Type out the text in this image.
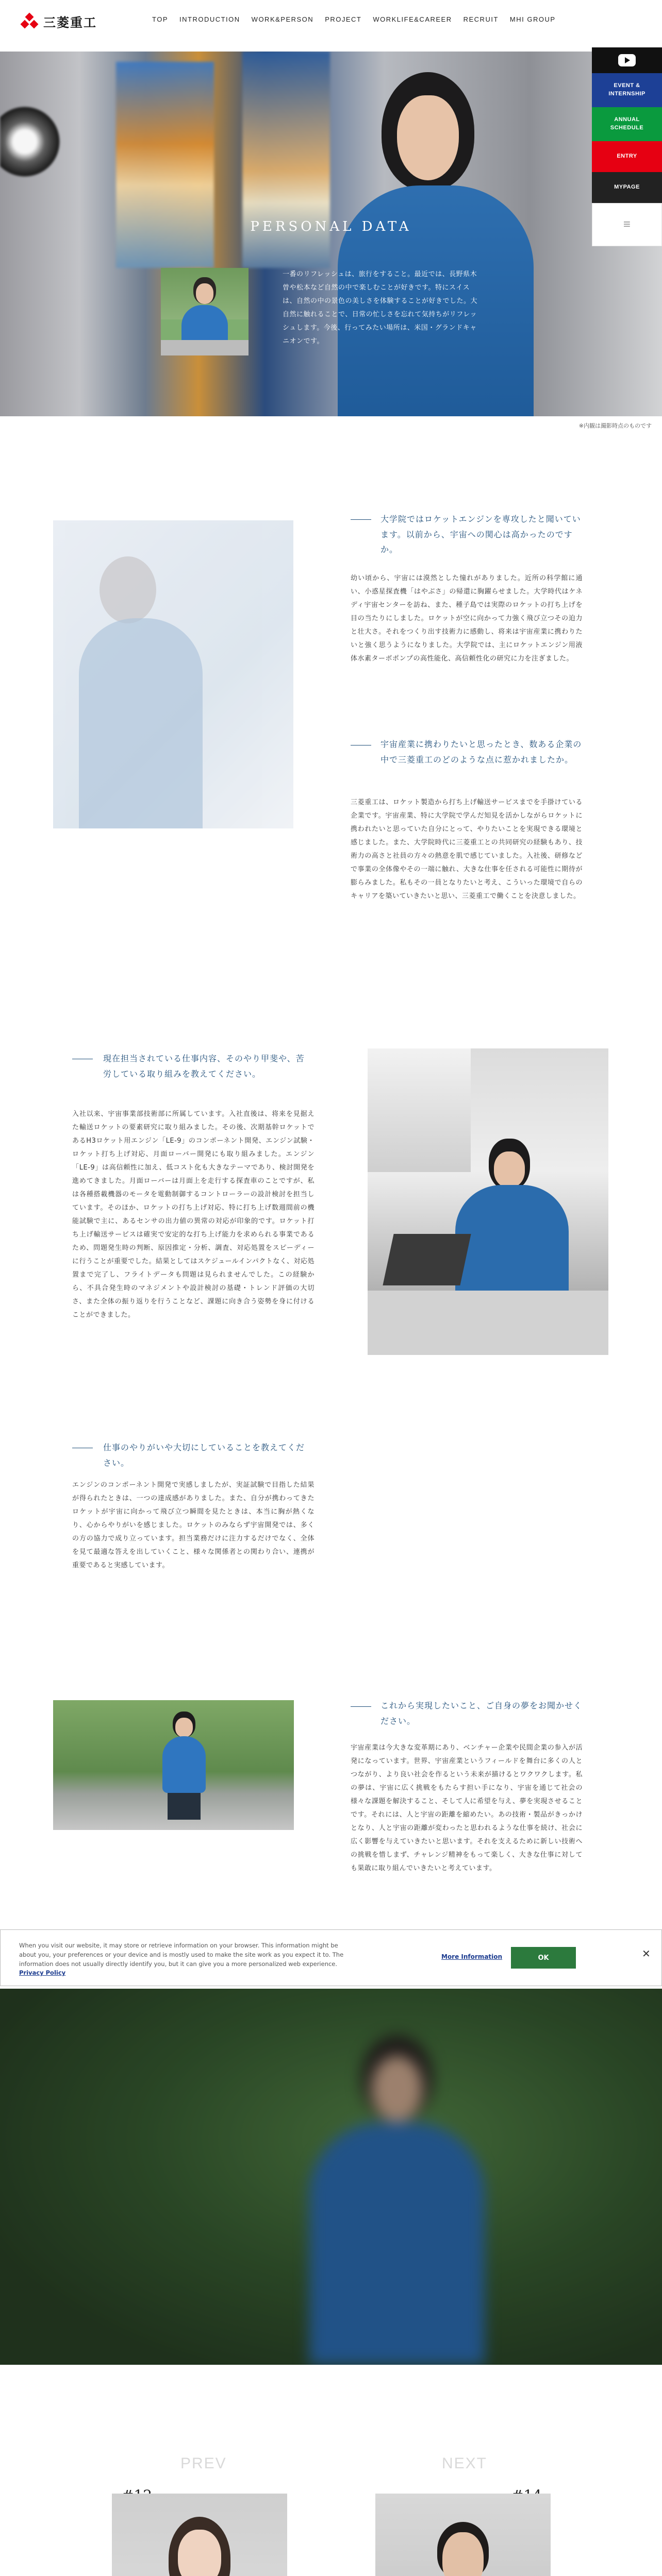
三菱重工	TOP INTRODUCTION WORK&PERSON PROJECT WORKLIFE&CAREER RECRUIT MHI GROUP
EVENT & INTERNSHIP
ANNUAL SCHEDULE
ENTRY
MYPAGE
≡
※内観は撮影時点のものです
大学院ではロケットエンジンを専攻したと聞いています。以前から、宇宙への関心は高かったのですか。
幼い頃から、宇宙には漠然とした憧れがありました。近所の科学館に通い、小惑星探査機「はやぶさ」の帰還に胸躍らせました。大学時代はケネディ宇宙センターを訪ね、また、種子島では実際のロケットの打ち上げを目の当たりにしました。ロケットが空に向かって力強く飛び立つその迫力と壮大さ。それをつくり出す技術力に感動し、将来は宇宙産業に携わりたいと強く思うようになりました。大学院では、主にロケットエンジン用液体水素ターボポンプの高性能化、高信頼性化の研究に力を注ぎました。
宇宙産業に携わりたいと思ったとき、数ある企業の中で三菱重工のどのような点に惹かれましたか。
三菱重工は、ロケット製造から打ち上げ輸送サービスまでを手掛けている企業です。宇宙産業、特に大学院で学んだ知見を活かしながらロケットに携われたいと思っていた自分にとって、やりたいことを実現できる環境と感じました。また、大学院時代に三菱重工との共同研究の経験もあり、技術力の高さと社員の方々の熱意を肌で感じていました。入社後、研修などで事業の全体像やその一端に触れ、大きな仕事を任される可能性に期待が膨らみました。私もその一員となりたいと考え、こういった環境で自らのキャリアを築いていきたいと思い、三菱重工で働くことを決意しました。
現在担当されている仕事内容、そのやり甲斐や、苦労している取り組みを教えてください。
入社以来、宇宙事業部技術部に所属しています。入社直後は、将来を見据えた輸送ロケットの要素研究に取り組みました。その後、次期基幹ロケットであるH3ロケット用エンジン「LE-9」のコンポーネント開発、エンジン試験・ロケット打ち上げ対応、月面ローバー開発にも取り組みました。エンジン「LE-9」は高信頼性に加え、低コスト化も大きなテーマであり、検討開発を進めてきました。月面ローバーは月面上を走行する探査車のことですが、私は各種搭載機器のモータを電動制御するコントローラーの設計検討を担当しています。そのほか、ロケットの打ち上げ対応、特に打ち上げ数週間前の機能試験で主に、あるセンサの出力値の異常の対応が印象的です。ロケット打ち上げ輸送サービスは確実で安定的な打ち上げ能力を求められる事業であるため、問題発生時の判断、原因推定・分析、調査、対応処置をスピーディーに行うことが重要でした。結果としてはスケジュールインパクトなく、対応処置まで完了し、フライトデータも問題は見られませんでした。この経験から、不具合発生時のマネジメントや設計検討の基礎・トレンド評価の大切さ、また全体の振り返りを行うことなど、課題に向き合う姿勢を身に付けることができました。
仕事のやりがいや大切にしていることを教えてください。
エンジンのコンポーネント開発で実感しましたが、実証試験で目指した結果が得られたときは、一つの達成感がありました。また、自分が携わってきたロケットが宇宙に向かって飛び立つ瞬間を見たときは、本当に胸が熱くなり、心からやりがいを感じました。ロケットのみならず宇宙開発では、多くの方の協力で成り立っています。担当業務だけに注力するだけでなく、全体を見て最適な答えを出していくこと、様々な関係者との関わり合い、連携が重要であると実感しています。
これから実現したいこと、ご自身の夢をお聞かせください。
宇宙産業は今大きな変革期にあり、ベンチャー企業や民間企業の参入が活発になっています。世界、宇宙産業というフィールドを舞台に多くの人とつながり、より良い社会を作るという未来が描けるとワクワクします。私の夢は、宇宙に広く挑戦をもたらす担い手になり、宇宙を通じて社会の様々な課題を解決すること、そして人に希望を与え、夢を実現させることです。それには、人と宇宙の距離を縮めたい。あの技術・製品がきっかけとなり、人と宇宙の距離が変わったと思われるような仕事を続け、社会に広く影響を与えていきたいと思います。それを支えるために新しい技術への挑戦を惜しまず、チャレンジ精神をもって楽しく、大きな仕事に対しても果敢に取り組んでいきたいと考えています。
When you visit our website, it may store or retrieve information on your browser. This information might be about you, your preferences or your device and is mostly used to make the site work as you expect it to. The information does not usually directly identify you, but it can give you a more personalized web experience.
Privacy Policy
More Information	OK	✕
PERSONAL DATA
一番のリフレッシュは、旅行をすること。最近では、長野県木曽や松本など自然の中で楽しむことが好きです。特にスイスは、自然の中の景色の美しさを体験することが好きでした。大自然に触れることで、日常の忙しさを忘れて気持ちがリフレッシュします。今後、行ってみたい場所は、米国・グランドキャニオンです。
PREV	NEXT
